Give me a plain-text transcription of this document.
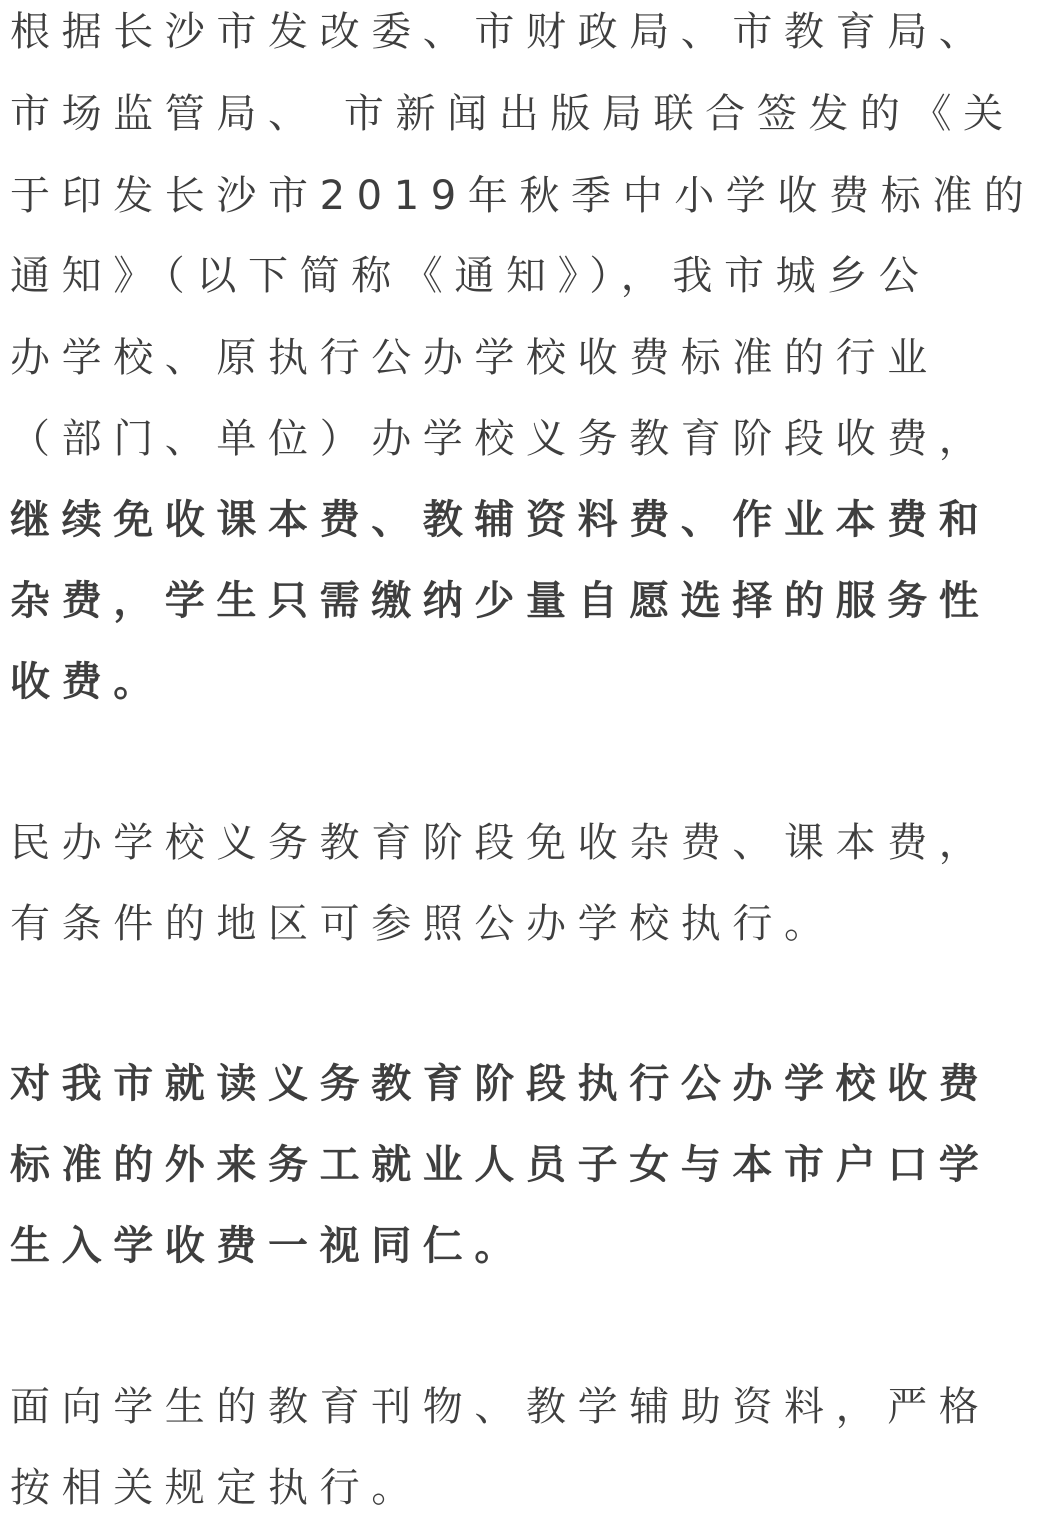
根据长沙市发改委、市财政局、市教育局、
市场监管局、 市新闻出版局联合签发的《关
于印发长沙市2019年秋季中小学收费标准的
通知》（以下简称《通知》），我市城乡公
办学校、原执行公办学校收费标准的行业
（部门、单位）办学校义务教育阶段收费，
继续免收课本费、教辅资料费、作业本费和
杂费，学生只需缴纳少量自愿选择的服务性
收费。
民办学校义务教育阶段免收杂费、课本费，
有条件的地区可参照公办学校执行。
对我市就读义务教育阶段执行公办学校收费
标准的外来务工就业人员子女与本市户口学
生入学收费一视同仁。
面向学生的教育刊物、教学辅助资料，严格
按相关规定执行。
